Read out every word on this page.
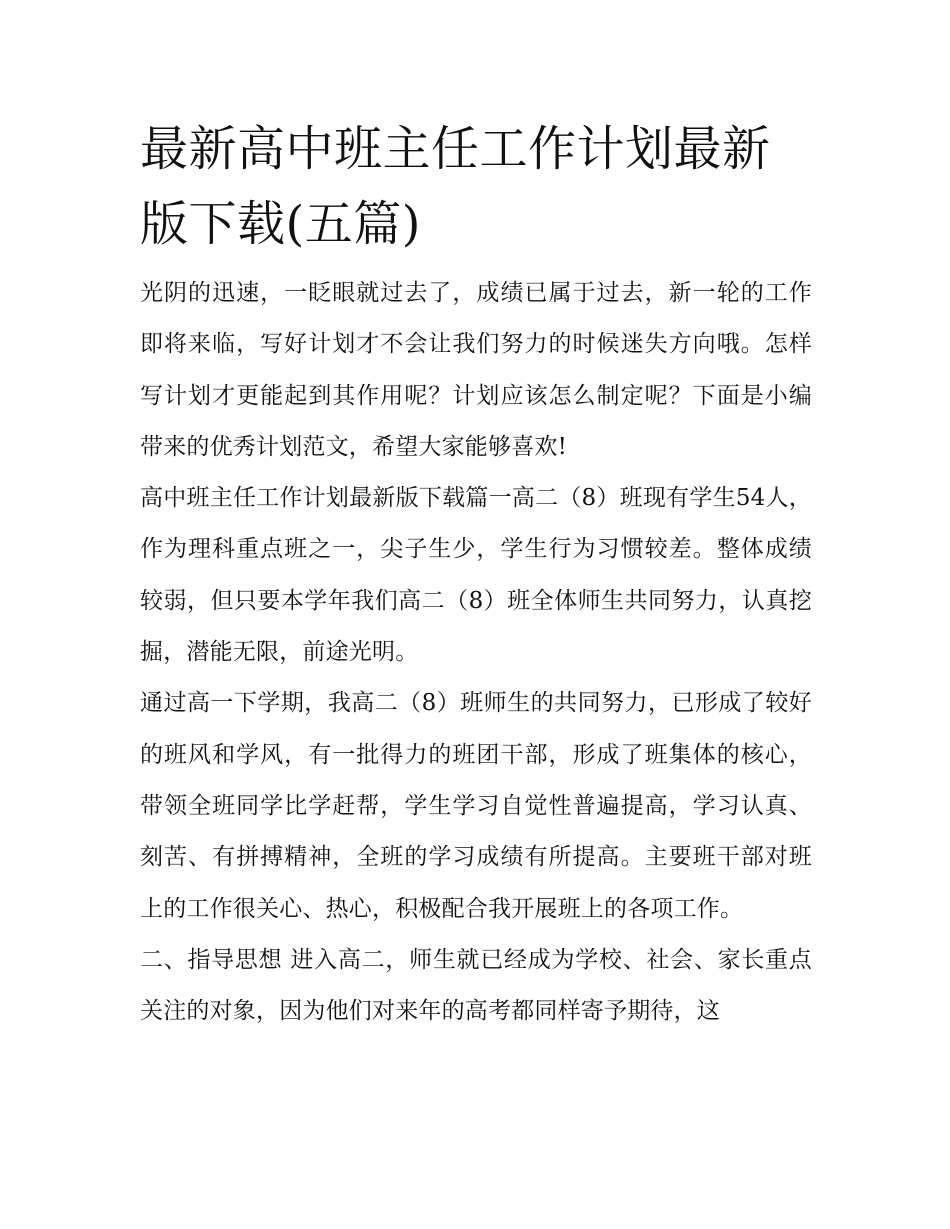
最新高中班主任工作计划最新版下载(五篇)

光阴的迅速，一眨眼就过去了，成绩已属于过去，新一轮的工作即将来临，写好计划才不会让我们努力的时候迷失方向哦。怎样写计划才更能起到其作用呢？计划应该怎么制定呢？下面是小编带来的优秀计划范文，希望大家能够喜欢!

高中班主任工作计划最新版下载篇一高二（8）班现有学生54人，作为理科重点班之一，尖子生少，学生行为习惯较差。整体成绩较弱，但只要本学年我们高二（8）班全体师生共同努力，认真挖掘，潜能无限，前途光明。

通过高一下学期，我高二（8）班师生的共同努力，已形成了较好的班风和学风，有一批得力的班团干部，形成了班集体的核心，带领全班同学比学赶帮，学生学习自觉性普遍提高，学习认真、刻苦、有拼搏精神，全班的学习成绩有所提高。主要班干部对班上的工作很关心、热心，积极配合我开展班上的各项工作。

二、指导思想 进入高二，师生就已经成为学校、社会、家长重点关注的对象，因为他们对来年的高考都同样寄予期待，这
